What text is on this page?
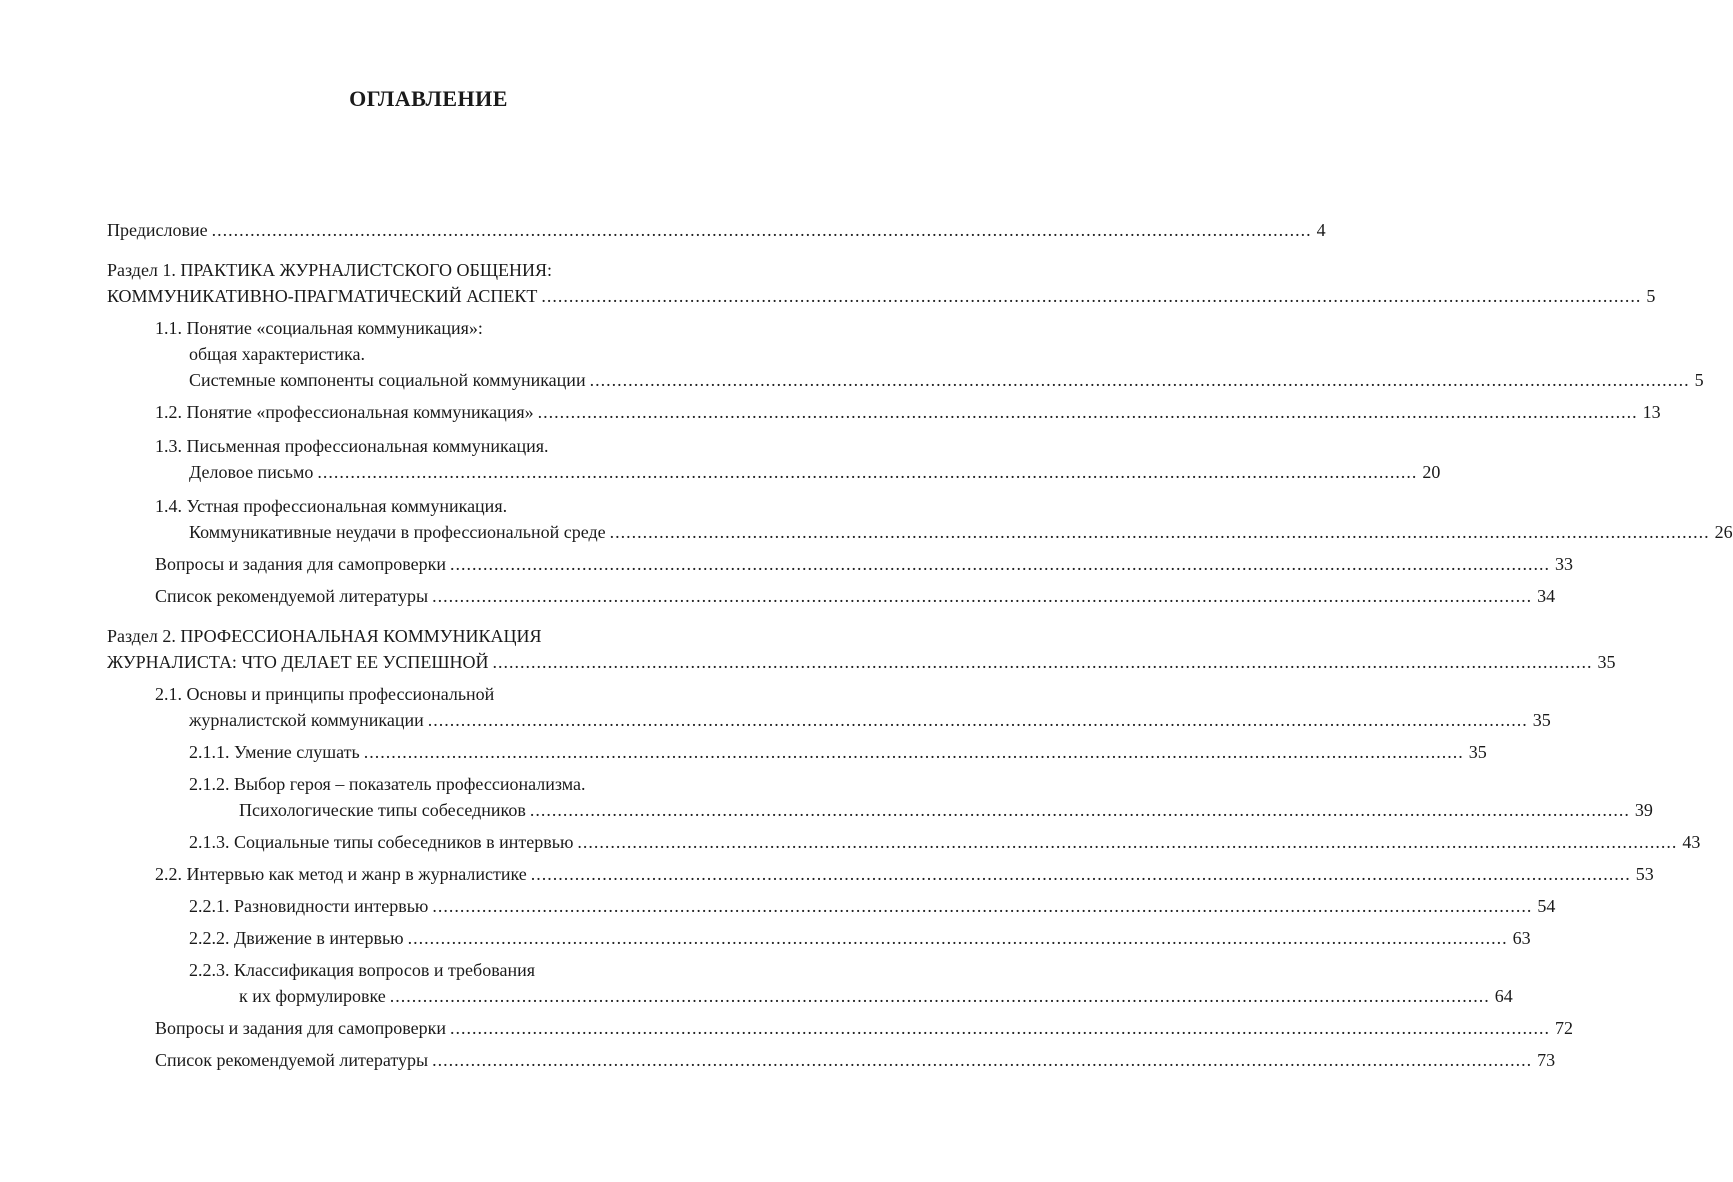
ОГЛАВЛЕНИЕ
Предисловие ........................................................................................................................................................................................................ 4
Раздел 1. ПРАКТИКА ЖУРНАЛИСТСКОГО ОБЩЕНИЯ:
КОММУНИКАТИВНО-ПРАГМАТИЧЕСКИЙ АСПЕКТ ........................................................................................................................................................................................................ 5
1.1. Понятие «социальная коммуникация»:
общая характеристика.
Системные компоненты социальной коммуникации ........................................................................................................................................................................................................ 5
1.2. Понятие «профессиональная коммуникация» ........................................................................................................................................................................................................ 13
1.3. Письменная профессиональная коммуникация.
Деловое письмо ........................................................................................................................................................................................................ 20
1.4. Устная профессиональная коммуникация.
Коммуникативные неудачи в профессиональной среде ........................................................................................................................................................................................................ 26
Вопросы и задания для самопроверки ........................................................................................................................................................................................................ 33
Список рекомендуемой литературы ........................................................................................................................................................................................................ 34
Раздел 2. ПРОФЕССИОНАЛЬНАЯ КОММУНИКАЦИЯ
ЖУРНАЛИСТА: ЧТО ДЕЛАЕТ ЕЕ УСПЕШНОЙ ........................................................................................................................................................................................................ 35
2.1. Основы и принципы профессиональной
журналистской коммуникации ........................................................................................................................................................................................................ 35
2.1.1. Умение слушать ........................................................................................................................................................................................................ 35
2.1.2. Выбор героя – показатель профессионализма.
Психологические типы собеседников ........................................................................................................................................................................................................ 39
2.1.3. Социальные типы собеседников в интервью ........................................................................................................................................................................................................ 43
2.2. Интервью как метод и жанр в журналистике ........................................................................................................................................................................................................ 53
2.2.1. Разновидности интервью ........................................................................................................................................................................................................ 54
2.2.2. Движение в интервью ........................................................................................................................................................................................................ 63
2.2.3. Классификация вопросов и требования
к их формулировке ........................................................................................................................................................................................................ 64
Вопросы и задания для самопроверки ........................................................................................................................................................................................................ 72
Список рекомендуемой литературы ........................................................................................................................................................................................................ 73
